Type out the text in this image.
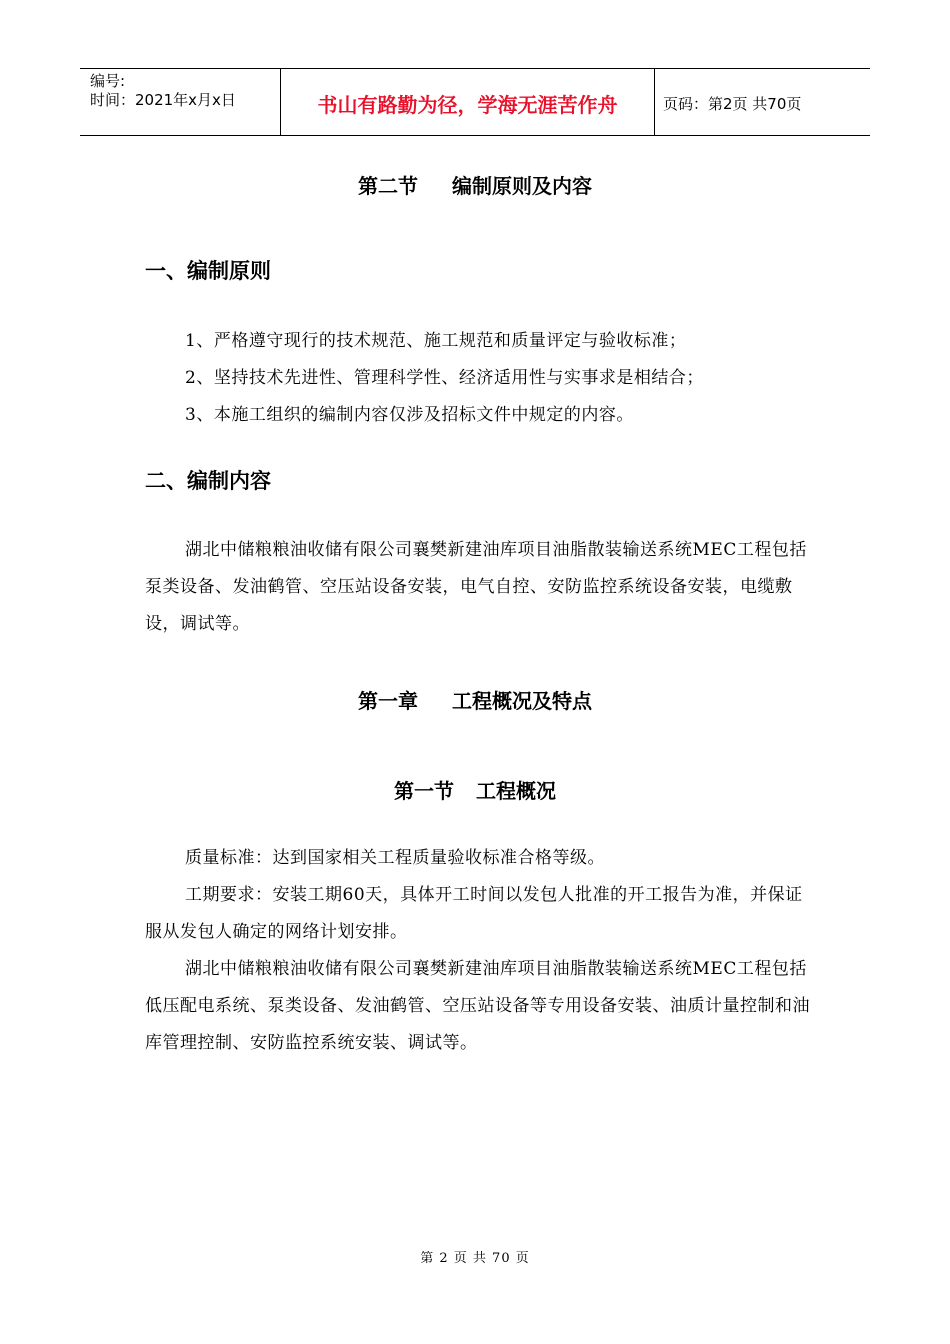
编号:
时间：2021年x月x日	书山有路勤为径，学海无涯苦作舟	页码：第2页 共70页
第二节 编制原则及内容
一、编制原则
1、严格遵守现行的技术规范、施工规范和质量评定与验收标准；
2、坚持技术先进性、管理科学性、经济适用性与实事求是相结合；
3、本施工组织的编制内容仅涉及招标文件中规定的内容。
二、编制内容
湖北中储粮粮油收储有限公司襄樊新建油库项目油脂散装输送系统MEC工程包括泵类设备、发油鹤管、空压站设备安装，电气自控、安防监控系统设备安装，电缆敷设，调试等。
第一章 工程概况及特点
第一节 工程概况
质量标准：达到国家相关工程质量验收标准合格等级。
工期要求：安装工期60天，具体开工时间以发包人批准的开工报告为准，并保证服从发包人确定的网络计划安排。
湖北中储粮粮油收储有限公司襄樊新建油库项目油脂散装输送系统MEC工程包括低压配电系统、泵类设备、发油鹤管、空压站设备等专用设备安装、油质计量控制和油库管理控制、安防监控系统安装、调试等。
第 2 页 共 70 页
